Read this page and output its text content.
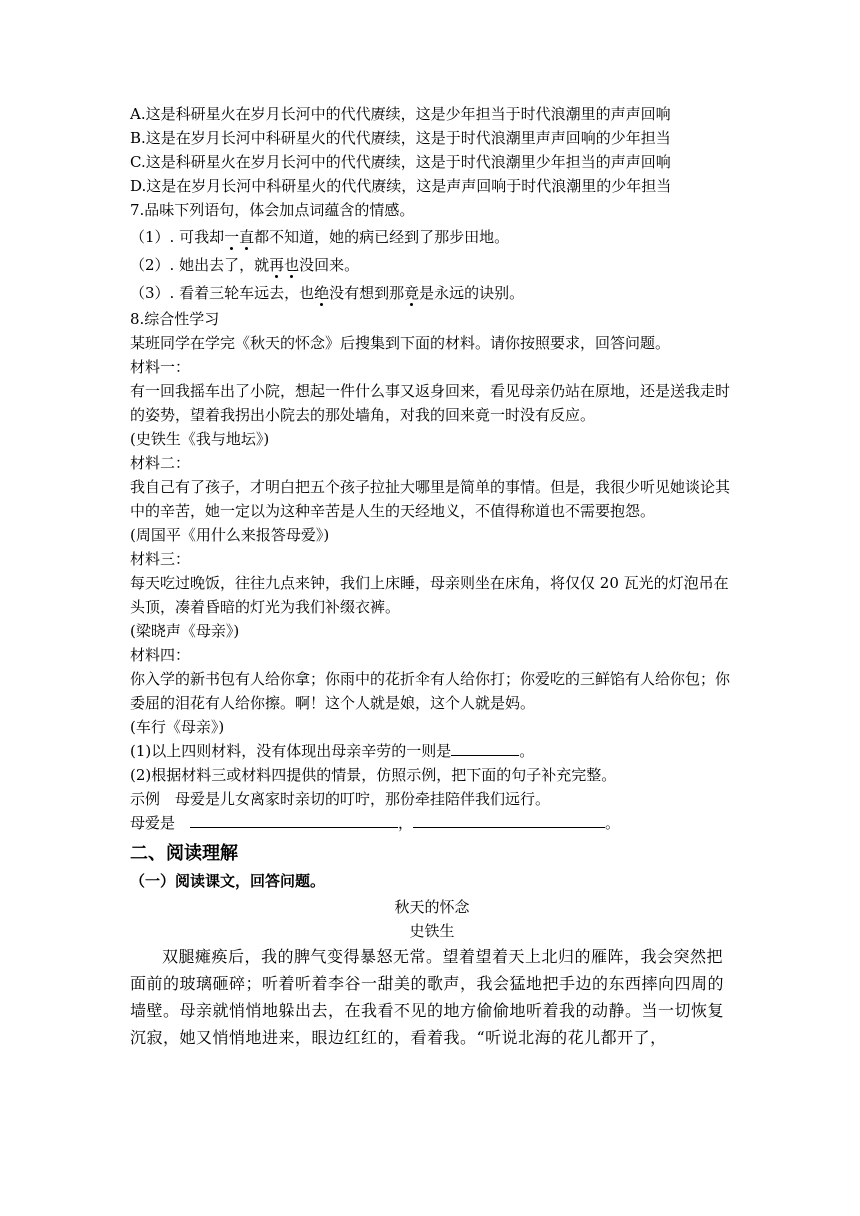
A.这是科研星火在岁月长河中的代代赓续，这是少年担当于时代浪潮里的声声回响

B.这是在岁月长河中科研星火的代代赓续，这是于时代浪潮里声声回响的少年担当

C.这是科研星火在岁月长河中的代代赓续，这是于时代浪潮里少年担当的声声回响

D.这是在岁月长河中科研星火的代代赓续，这是声声回响于时代浪潮里的少年担当

7.品味下列语句，体会加点词蕴含的情感。

（1）. 可我却一直都不知道，她的病已经到了那步田地。

（2）. 她出去了，就再也没回来。

（3）. 看着三轮车远去，也绝没有想到那竟是永远的诀别。

8.综合性学习

某班同学在学完《秋天的怀念》后搜集到下面的材料。请你按照要求，回答问题。

材料一：

有一回我摇车出了小院，想起一件什么事又返身回来，看见母亲仍站在原地，还是送我走时的姿势，望着我拐出小院去的那处墙角，对我的回来竟一时没有反应。

(史铁生《我与地坛》)

材料二：

我自己有了孩子，才明白把五个孩子拉扯大哪里是简单的事情。但是，我很少听见她谈论其中的辛苦，她一定以为这种辛苦是人生的天经地义，不值得称道也不需要抱怨。

(周国平《用什么来报答母爱》)

材料三：

每天吃过晚饭，往往九点来钟，我们上床睡，母亲则坐在床角，将仅仅 20 瓦光的灯泡吊在头顶，凑着昏暗的灯光为我们补缀衣裤。

(梁晓声《母亲》)

材料四：

你入学的新书包有人给你拿；你雨中的花折伞有人给你打；你爱吃的三鲜馅有人给你包；你委屈的泪花有人给你擦。啊！这个人就是娘，这个人就是妈。

(车行《母亲》)

(1)以上四则材料，没有体现出母亲辛劳的一则是	。

(2)根据材料三或材料四提供的情景，仿照示例，把下面的句子补充完整。

示例　母爱是儿女离家时亲切的叮咛，那份牵挂陪伴我们远行。

母爱是　	，	。

二、阅读理解

（一）阅读课文，回答问题。

秋天的怀念

史铁生

双腿瘫痪后，我的脾气变得暴怒无常。望着望着天上北归的雁阵，我会突然把面前的玻璃砸碎；听着听着李谷一甜美的歌声，我会猛地把手边的东西摔向四周的墙壁。母亲就悄悄地躲出去，在我看不见的地方偷偷地听着我的动静。当一切恢复沉寂，她又悄悄地进来，眼边红红的，看着我。“听说北海的花儿都开了，
